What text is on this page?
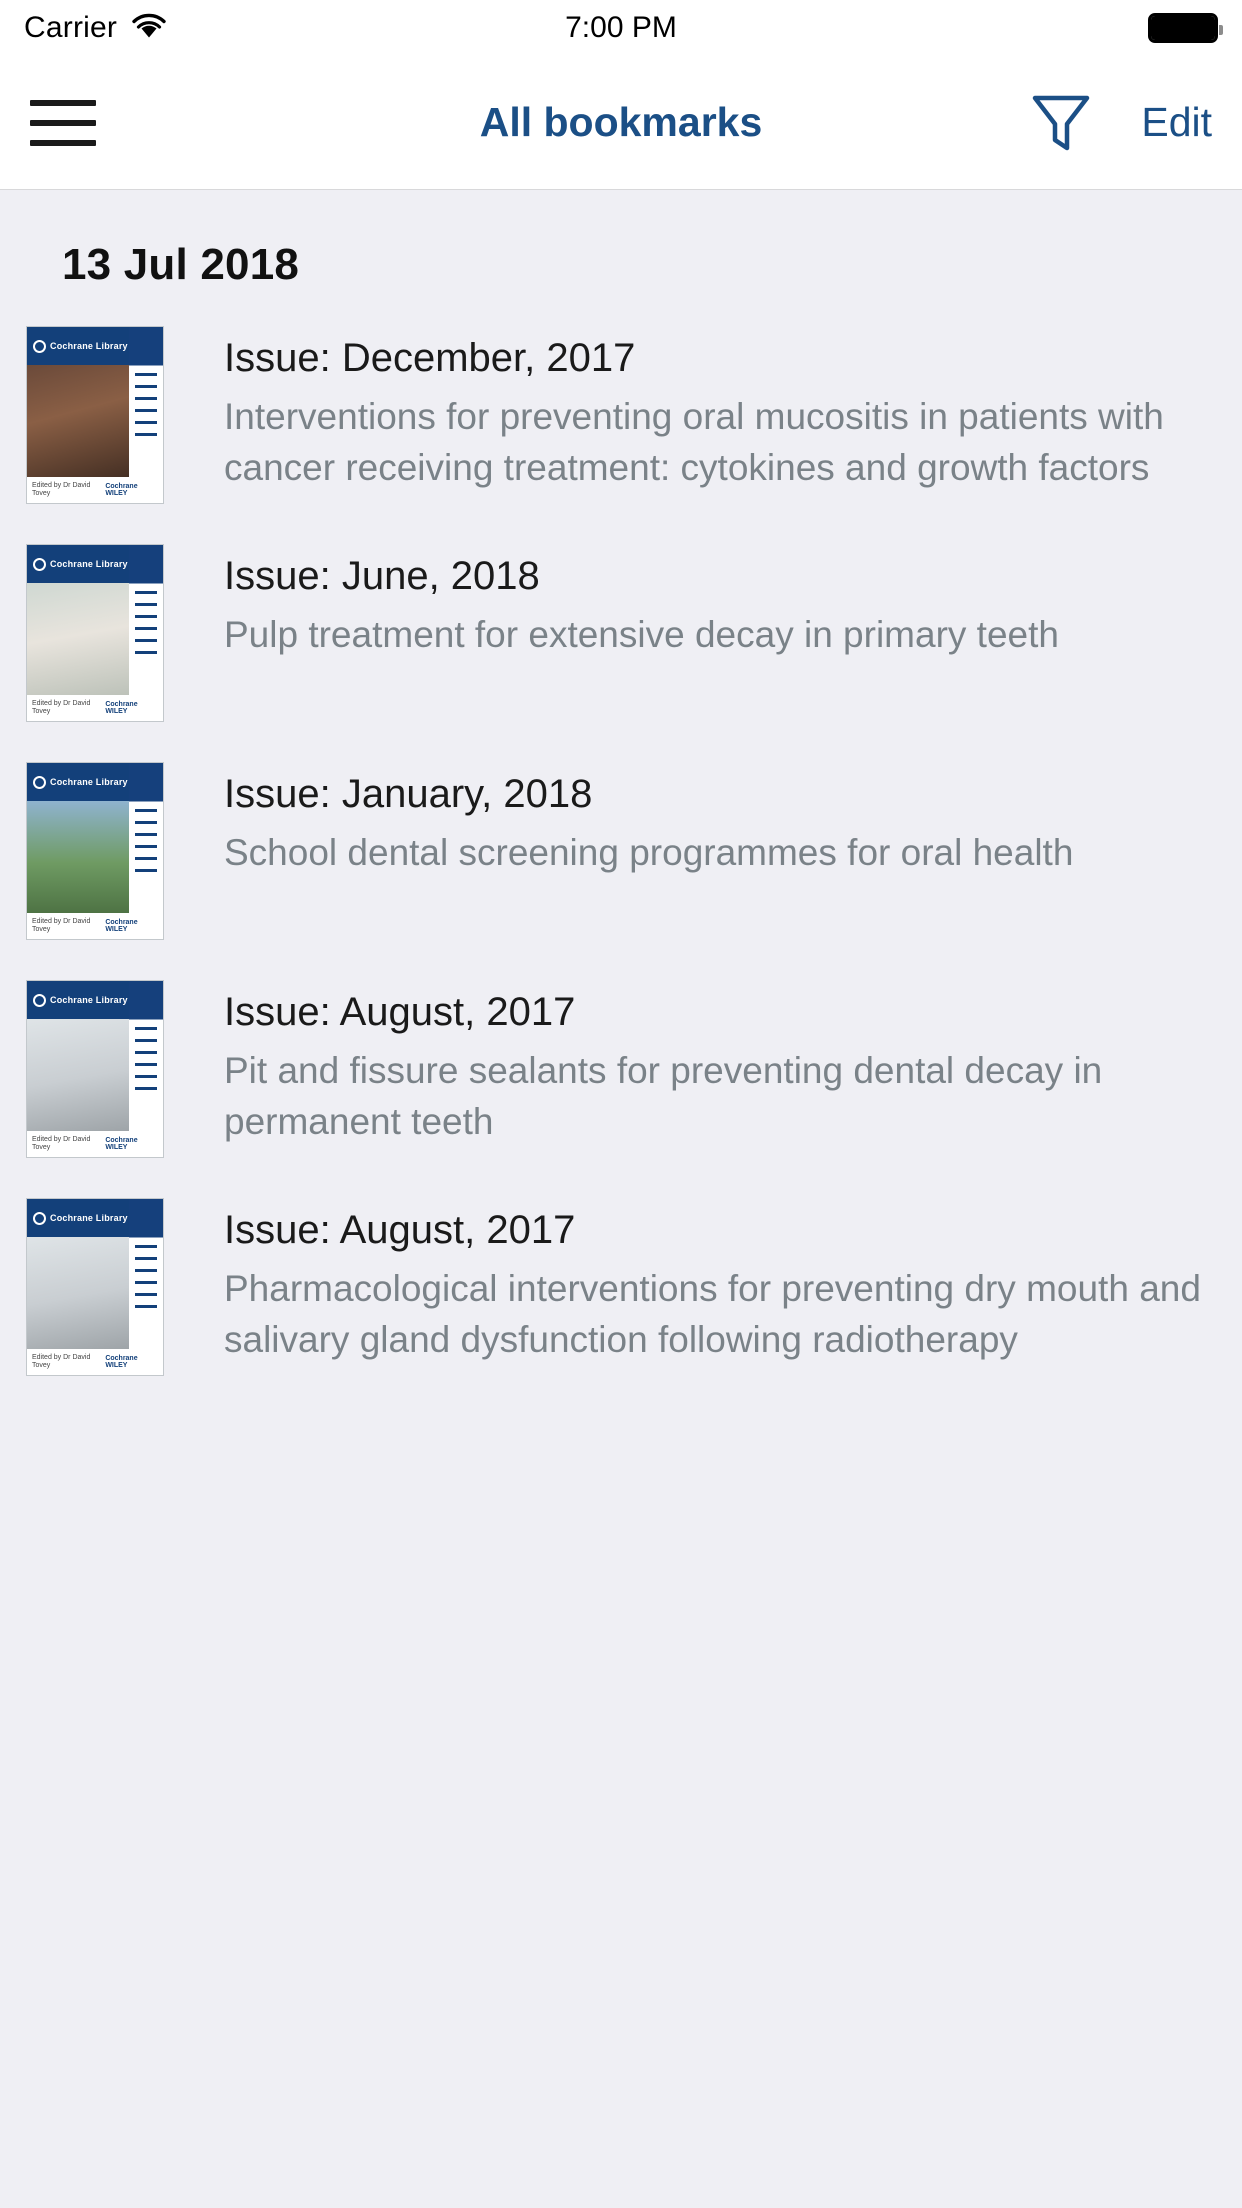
Carrier	7:00 PM
All bookmarks	Edit
13 Jul 2018
Cochrane Library
Edited by Dr David Tovey
Cochrane WILEY
Issue: December, 2017
Interventions for preventing oral mucositis in patients with cancer receiving treatment: cytokines and growth factors
Cochrane Library
Edited by Dr David Tovey
Cochrane WILEY
Issue: June, 2018
Pulp treatment for extensive decay in primary teeth
Cochrane Library
Edited by Dr David Tovey
Cochrane WILEY
Issue: January, 2018
School dental screening programmes for oral health
Cochrane Library
Edited by Dr David Tovey
Cochrane WILEY
Issue: August, 2017
Pit and fissure sealants for preventing dental decay in permanent teeth
Cochrane Library
Edited by Dr David Tovey
Cochrane WILEY
Issue: August, 2017
Pharmacological interventions for preventing dry mouth and salivary gland dysfunction following radiotherapy
